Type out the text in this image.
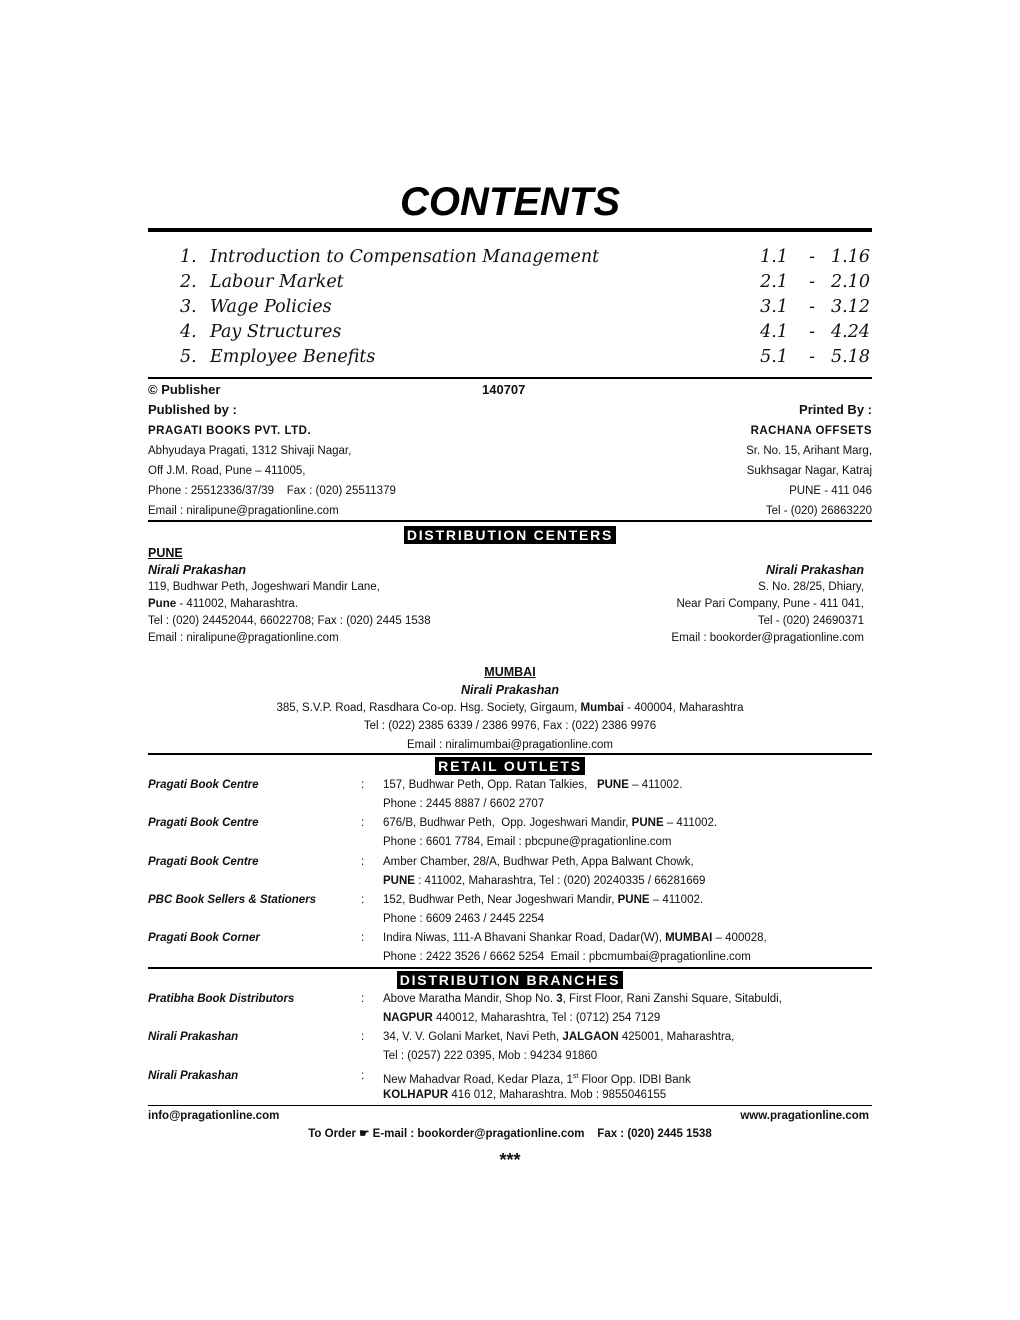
CONTENTS
1. Introduction to Compensation Management	1.1 - 1.16
2. Labour Market	2.1 - 2.10
3. Wage Policies	3.1 - 3.12
4. Pay Structures	4.1 - 4.24
5. Employee Benefits	5.1 - 5.18
© Publisher	140707
Published by :	Printed By :
PRAGATI BOOKS PVT. LTD.	RACHANA OFFSETS
Abhyudaya Pragati, 1312 Shivaji Nagar,	Sr. No. 15, Arihant Marg,
Off J.M. Road, Pune – 411005,	Sukhsagar Nagar, Katraj
Phone : 25512336/37/39    Fax : (020) 25511379	PUNE - 411 046
Email : niralipune@pragationline.com	Tel - (020) 26863220
DISTRIBUTION CENTERS
PUNE
Nirali Prakashan	Nirali Prakashan
119, Budhwar Peth, Jogeshwari Mandir Lane,	S. No. 28/25, Dhiary,
Pune - 411002, Maharashtra.	Near Pari Company, Pune - 411 041,
Tel : (020) 24452044, 66022708; Fax : (020) 2445 1538	Tel - (020) 24690371
Email : niralipune@pragationline.com	Email : bookorder@pragationline.com
MUMBAI
Nirali Prakashan
385, S.V.P. Road, Rasdhara Co-op. Hsg. Society, Girgaum, Mumbai - 400004, Maharashtra
Tel : (022) 2385 6339 / 2386 9976, Fax : (022) 2386 9976
Email : niralimumbai@pragationline.com
RETAIL OUTLETS
Pragati Book Centre	: 157, Budhwar Peth, Opp. Ratan Talkies,   PUNE – 411002.
Phone : 2445 8887 / 6602 2707
Pragati Book Centre	: 676/B, Budhwar Peth,  Opp. Jogeshwari Mandir, PUNE – 411002.
Phone : 6601 7784, Email : pbcpune@pragationline.com
Pragati Book Centre	: Amber Chamber, 28/A, Budhwar Peth, Appa Balwant Chowk,
PUNE : 411002, Maharashtra, Tel : (020) 20240335 / 66281669
PBC Book Sellers & Stationers	: 152, Budhwar Peth, Near Jogeshwari Mandir, PUNE – 411002.
Phone : 6609 2463 / 2445 2254
Pragati Book Corner	: Indira Niwas, 111-A Bhavani Shankar Road, Dadar(W), MUMBAI – 400028,
Phone : 2422 3526 / 6662 5254  Email : pbcmumbai@pragationline.com
DISTRIBUTION BRANCHES
Pratibha Book Distributors	: Above Maratha Mandir, Shop No. 3, First Floor, Rani Zanshi Square, Sitabuldi,
NAGPUR 440012, Maharashtra, Tel : (0712) 254 7129
Nirali Prakashan	: 34, V. V. Golani Market, Navi Peth, JALGAON 425001, Maharashtra,
Tel : (0257) 222 0395, Mob : 94234 91860
Nirali Prakashan	: New Mahadvar Road, Kedar Plaza, 1st Floor Opp. IDBI Bank
KOLHAPUR 416 012, Maharashtra. Mob : 9855046155
info@pragationline.com	www.pragationline.com
To Order ☛ E-mail : bookorder@pragationline.com    Fax : (020) 2445 1538
***
